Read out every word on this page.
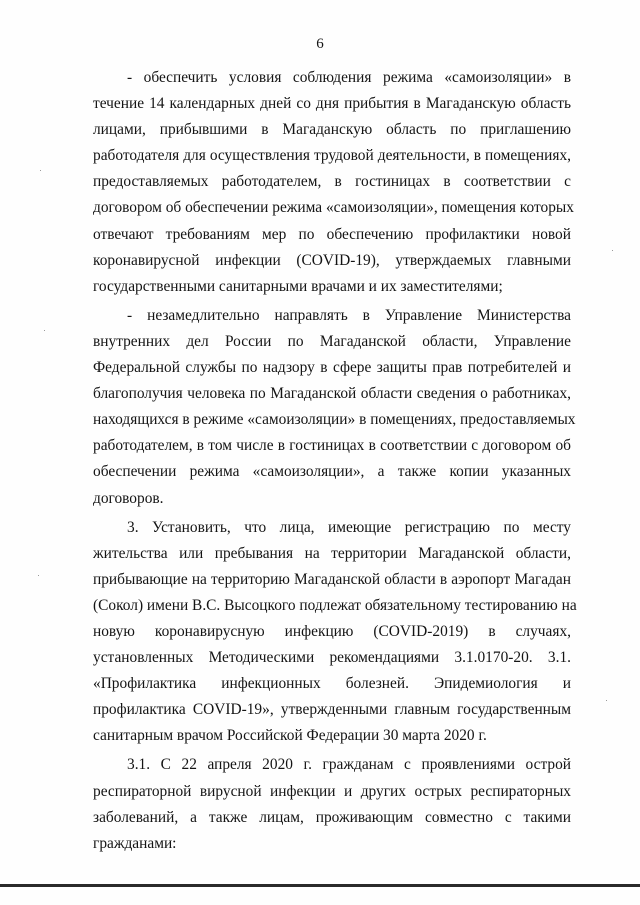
6
- обеспечить условия соблюдения режима «самоизоляции» в
течение 14 календарных дней со дня прибытия в Магаданскую область
лицами, прибывшими в Магаданскую область по приглашению
работодателя для осуществления трудовой деятельности, в помещениях,
предоставляемых работодателем, в гостиницах в соответствии с
договором об обеспечении режима «самоизоляции», помещения которых
отвечают требованиям мер по обеспечению профилактики новой
коронавирусной инфекции (COVID-19), утверждаемых главными
государственными санитарными врачами и их заместителями;
- незамедлительно направлять в Управление Министерства
внутренних дел России по Магаданской области, Управление
Федеральной службы по надзору в сфере защиты прав потребителей и
благополучия человека по Магаданской области сведения о работниках,
находящихся в режиме «самоизоляции» в помещениях, предоставляемых
работодателем, в том числе в гостиницах в соответствии с договором об
обеспечении режима «самоизоляции», а также копии указанных
договоров.
3. Установить, что лица, имеющие регистрацию по месту
жительства или пребывания на территории Магаданской области,
прибывающие на территорию Магаданской области в аэропорт Магадан
(Сокол) имени В.С. Высоцкого подлежат обязательному тестированию на
новую коронавирусную инфекцию (COVID-2019) в случаях,
установленных Методическими рекомендациями 3.1.0170-20. 3.1.
«Профилактика инфекционных болезней. Эпидемиология и
профилактика COVID-19», утвержденными главным государственным
санитарным врачом Российской Федерации 30 марта 2020 г.
3.1. С 22 апреля 2020 г. гражданам с проявлениями острой
респираторной вирусной инфекции и других острых респираторных
заболеваний, а также лицам, проживающим совместно с такими
гражданами:
